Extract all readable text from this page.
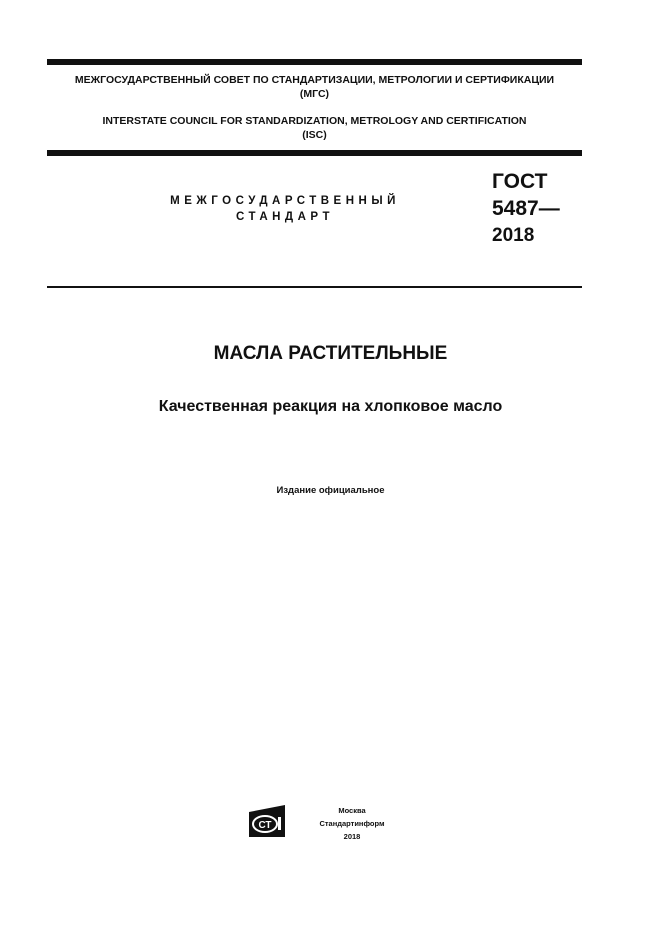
МЕЖГОСУДАРСТВЕННЫЙ СОВЕТ ПО СТАНДАРТИЗАЦИИ, МЕТРОЛОГИИ И СЕРТИФИКАЦИИ
(МГС)
INTERSTATE COUNCIL FOR STANDARDIZATION, METROLOGY AND CERTIFICATION
(ISC)
МЕЖГОСУДАРСТВЕННЫЙ
СТАНДАРТ
ГОСТ
5487—
2018
МАСЛА РАСТИТЕЛЬНЫЕ
Качественная реакция на хлопковое масло
Издание официальное
СТ
Москва
Стандартинформ
2018
